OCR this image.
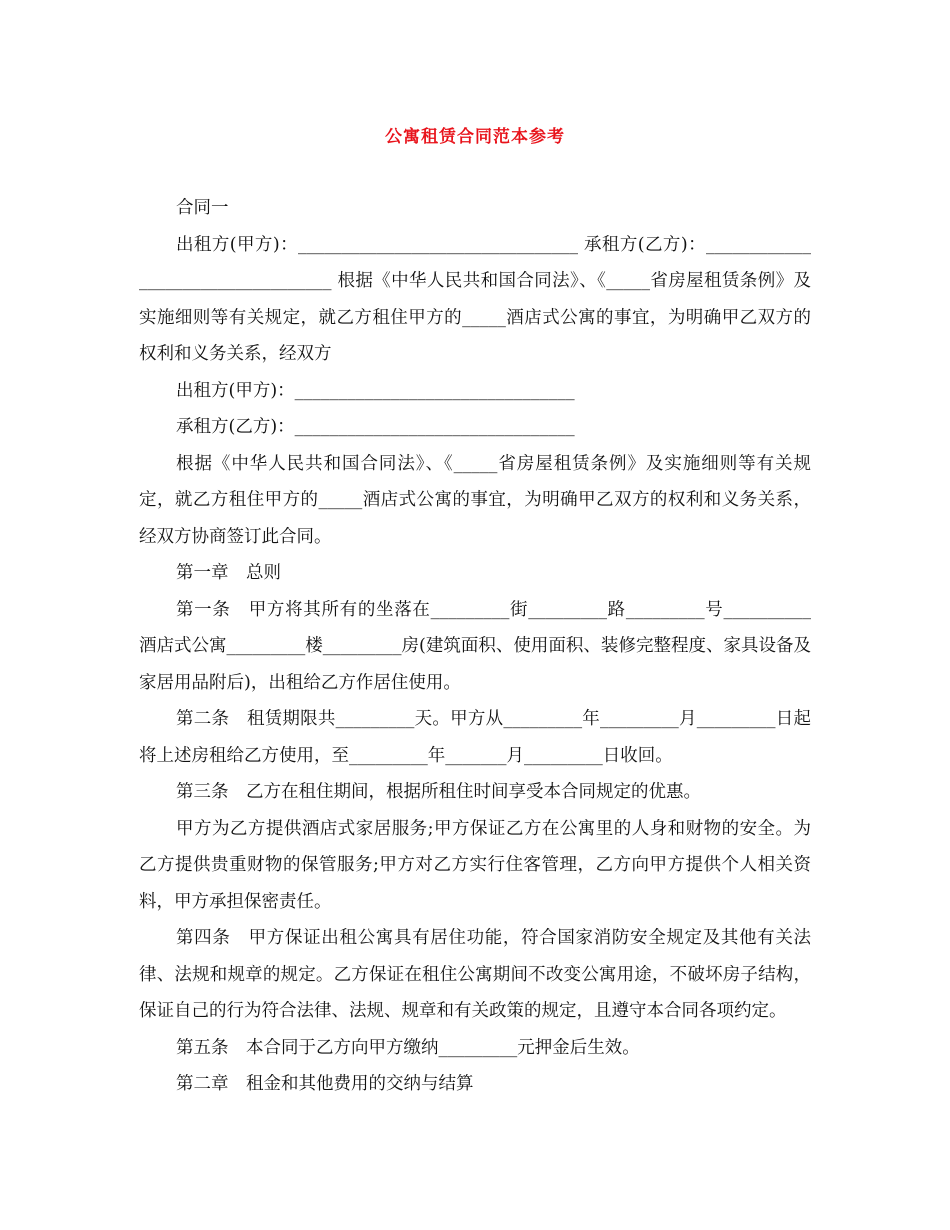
公寓租赁合同范本参考

合同一

出租方(甲方)：________________________________ 承租方(乙方)：__________________________________ 根据《中华人民共和国合同法》、《_____省房屋租赁条例》及实施细则等有关规定，就乙方租住甲方的_____酒店式公寓的事宜，为明确甲乙双方的权利和义务关系，经双方

出租方(甲方)：________________________________

承租方(乙方)：________________________________

根据《中华人民共和国合同法》、《_____省房屋租赁条例》及实施细则等有关规定，就乙方租住甲方的_____酒店式公寓的事宜，为明确甲乙双方的权利和义务关系，经双方协商签订此合同。

第一章　总则

第一条　甲方将其所有的坐落在_________街_________路_________号__________酒店式公寓_________楼_________房(建筑面积、使用面积、装修完整程度、家具设备及家居用品附后)，出租给乙方作居住使用。

第二条　租赁期限共_________天。甲方从_________年_________月_________日起将上述房租给乙方使用，至_________年_______月_________日收回。

第三条　乙方在租住期间，根据所租住时间享受本合同规定的优惠。

甲方为乙方提供酒店式家居服务;甲方保证乙方在公寓里的人身和财物的安全。为乙方提供贵重财物的保管服务;甲方对乙方实行住客管理，乙方向甲方提供个人相关资料，甲方承担保密责任。

第四条　甲方保证出租公寓具有居住功能，符合国家消防安全规定及其他有关法律、法规和规章的规定。乙方保证在租住公寓期间不改变公寓用途，不破坏房子结构，保证自己的行为符合法律、法规、规章和有关政策的规定，且遵守本合同各项约定。

第五条　本合同于乙方向甲方缴纳_________元押金后生效。

第二章　租金和其他费用的交纳与结算
